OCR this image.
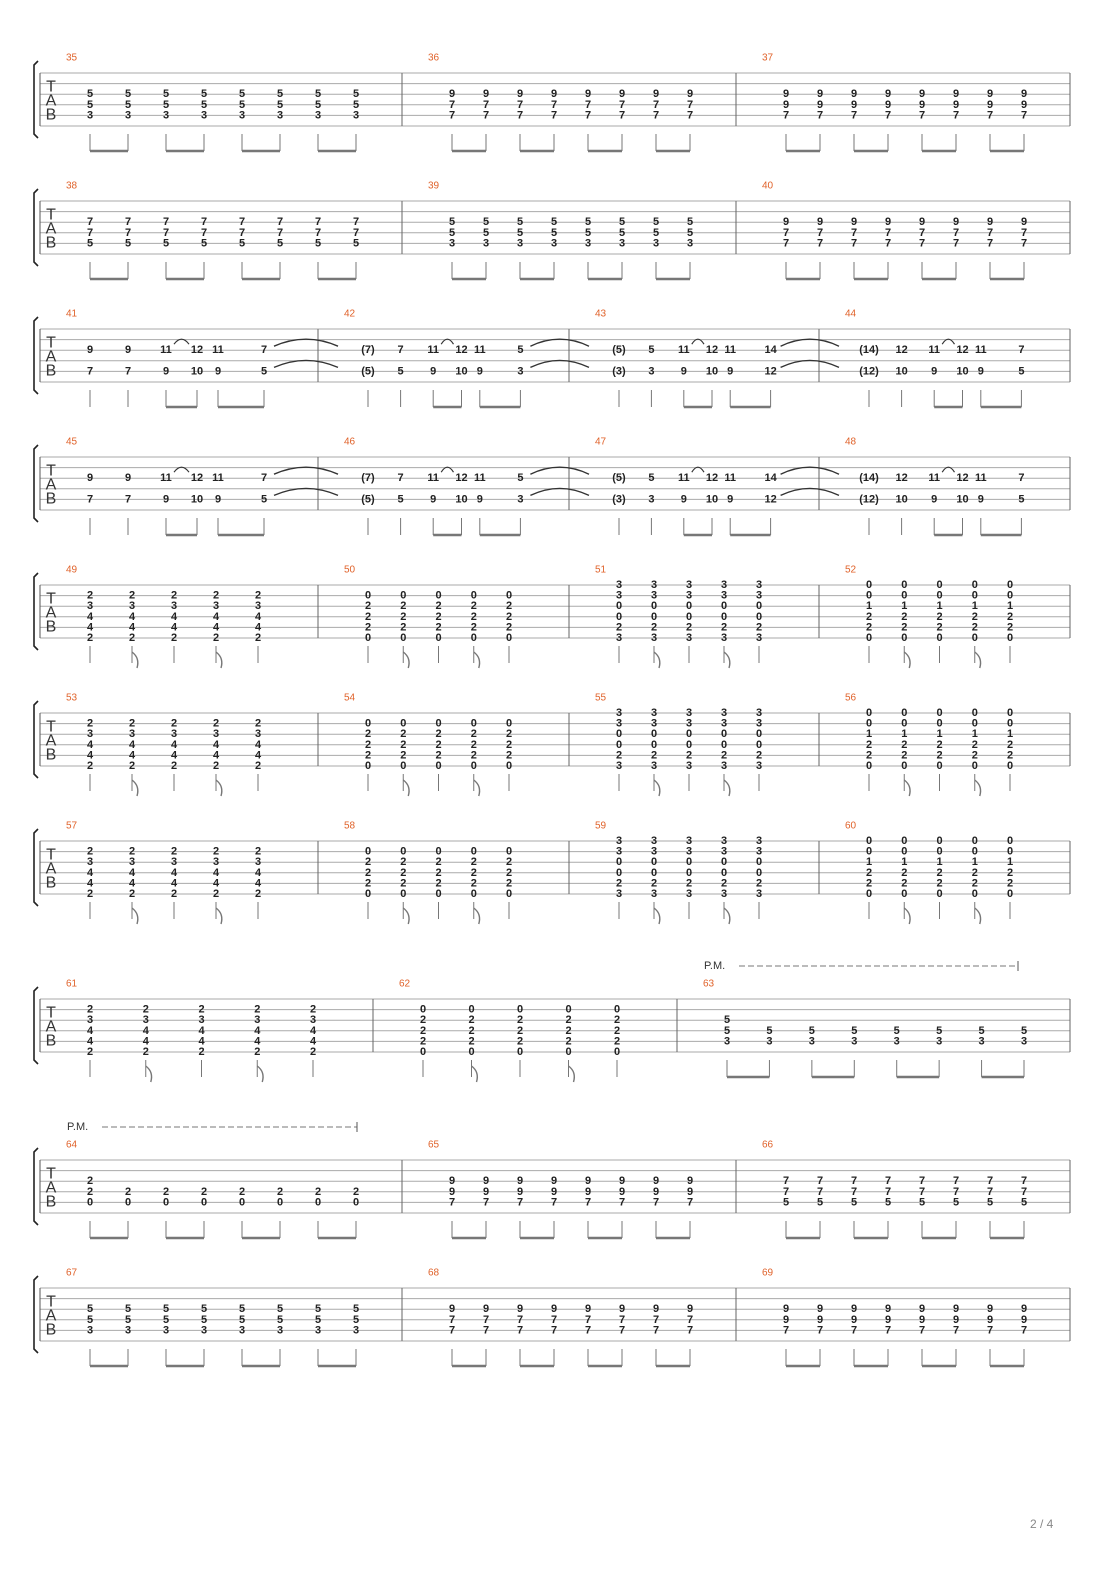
T
A
B
35
5
5
3
5
5
3
5
5
3
5
5
3
5
5
3
5
5
3
5
5
3
5
5
3
36
9
7
7
9
7
7
9
7
7
9
7
7
9
7
7
9
7
7
9
7
7
9
7
7
37
9
9
7
9
9
7
9
9
7
9
9
7
9
9
7
9
9
7
9
9
7
9
9
7
T
A
B
38
7
7
5
7
7
5
7
7
5
7
7
5
7
7
5
7
7
5
7
7
5
7
7
5
39
5
5
3
5
5
3
5
5
3
5
5
3
5
5
3
5
5
3
5
5
3
5
5
3
40
9
7
7
9
7
7
9
7
7
9
7
7
9
7
7
9
7
7
9
7
7
9
7
7
T
A
B
41
9
7
9
7
11
9
12
10
11
9
7
5
42
(7)
(5)
7
5
11
9
12
10
11
9
5
3
43
(5)
(3)
5
3
11
9
12
10
11
9
14
12
44
(14)
(12)
12
10
11
9
12
10
11
9
7
5
T
A
B
45
9
7
9
7
11
9
12
10
11
9
7
5
46
(7)
(5)
7
5
11
9
12
10
11
9
5
3
47
(5)
(3)
5
3
11
9
12
10
11
9
14
12
48
(14)
(12)
12
10
11
9
12
10
11
9
7
5
T
A
B
49
2
3
4
4
2
2
3
4
4
2
2
3
4
4
2
2
3
4
4
2
2
3
4
4
2
50
0
2
2
2
0
0
2
2
2
0
0
2
2
2
0
0
2
2
2
0
0
2
2
2
0
51
3
3
0
0
2
3
3
3
0
0
2
3
3
3
0
0
2
3
3
3
0
0
2
3
3
3
0
0
2
3
52
0
0
1
2
2
0
0
0
1
2
2
0
0
0
1
2
2
0
0
0
1
2
2
0
0
0
1
2
2
0
T
A
B
53
2
3
4
4
2
2
3
4
4
2
2
3
4
4
2
2
3
4
4
2
2
3
4
4
2
54
0
2
2
2
0
0
2
2
2
0
0
2
2
2
0
0
2
2
2
0
0
2
2
2
0
55
3
3
0
0
2
3
3
3
0
0
2
3
3
3
0
0
2
3
3
3
0
0
2
3
3
3
0
0
2
3
56
0
0
1
2
2
0
0
0
1
2
2
0
0
0
1
2
2
0
0
0
1
2
2
0
0
0
1
2
2
0
T
A
B
57
2
3
4
4
2
2
3
4
4
2
2
3
4
4
2
2
3
4
4
2
2
3
4
4
2
58
0
2
2
2
0
0
2
2
2
0
0
2
2
2
0
0
2
2
2
0
0
2
2
2
0
59
3
3
0
0
2
3
3
3
0
0
2
3
3
3
0
0
2
3
3
3
0
0
2
3
3
3
0
0
2
3
60
0
0
1
2
2
0
0
0
1
2
2
0
0
0
1
2
2
0
0
0
1
2
2
0
0
0
1
2
2
0
T
A
B
61
2
3
4
4
2
2
3
4
4
2
2
3
4
4
2
2
3
4
4
2
2
3
4
4
2
62
0
2
2
2
0
0
2
2
2
0
0
2
2
2
0
0
2
2
2
0
0
2
2
2
0
63
5
5
3
5
3
5
3
5
3
5
3
5
3
5
3
5
3
P.M.
T
A
B
64
2
2
0
2
0
2
0
2
0
2
0
2
0
2
0
2
0
P.M.
65
9
9
7
9
9
7
9
9
7
9
9
7
9
9
7
9
9
7
9
9
7
9
9
7
66
7
7
5
7
7
5
7
7
5
7
7
5
7
7
5
7
7
5
7
7
5
7
7
5
T
A
B
67
5
5
3
5
5
3
5
5
3
5
5
3
5
5
3
5
5
3
5
5
3
5
5
3
68
9
7
7
9
7
7
9
7
7
9
7
7
9
7
7
9
7
7
9
7
7
9
7
7
69
9
9
7
9
9
7
9
9
7
9
9
7
9
9
7
9
9
7
9
9
7
9
9
7
2 / 4
